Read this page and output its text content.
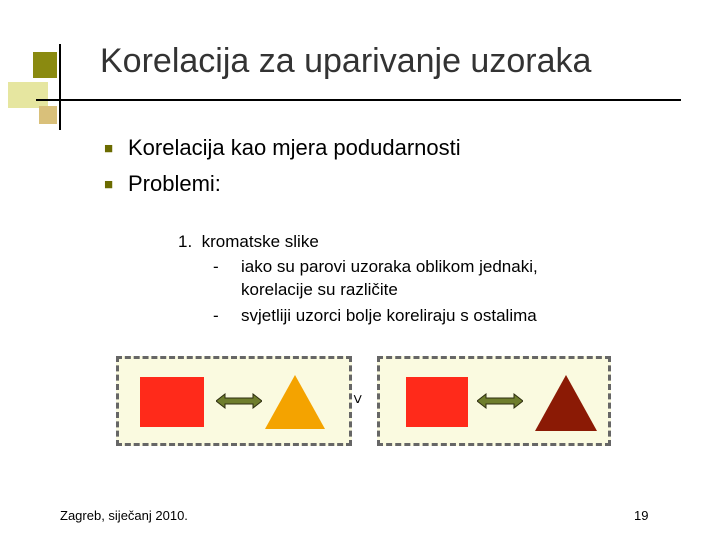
Korelacija za uparivanje uzoraka
■ Korelacija kao mjera podudarnosti
■ Problemi:
1. kromatske slike
- iako su parovi uzoraka oblikom jednaki,
korelacije su različite
- svjetliji uzorci bolje koreliraju s ostalima
>
Zagreb, siječanj 2010.	19
